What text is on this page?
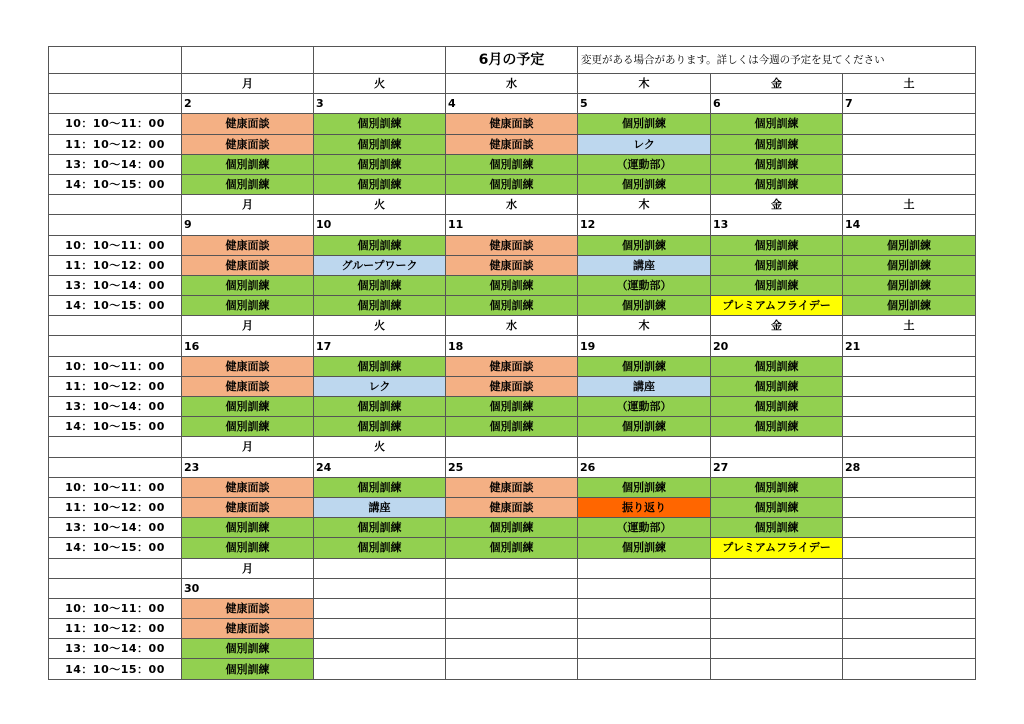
			6月の予定	変更がある場合があります。詳しくは今週の予定を見てください		
	月	火	水	木	金	土
	2	3	4	5	6	7
10：10～11：00	健康面談	個別訓練	健康面談	個別訓練	個別訓練	
11：10～12：00	健康面談	個別訓練	健康面談	レク	個別訓練	
13：10～14：00	個別訓練	個別訓練	個別訓練	（運動部）	個別訓練	
14：10～15：00	個別訓練	個別訓練	個別訓練	個別訓練	個別訓練	
	月	火	水	木	金	土
	9	10	11	12	13	14
10：10～11：00	健康面談	個別訓練	健康面談	個別訓練	個別訓練	個別訓練
11：10～12：00	健康面談	グループワーク	健康面談	講座	個別訓練	個別訓練
13：10～14：00	個別訓練	個別訓練	個別訓練	（運動部）	個別訓練	個別訓練
14：10～15：00	個別訓練	個別訓練	個別訓練	個別訓練	プレミアムフライデー	個別訓練
	月	火	水	木	金	土
	16	17	18	19	20	21
10：10～11：00	健康面談	個別訓練	健康面談	個別訓練	個別訓練	
11：10～12：00	健康面談	レク	健康面談	講座	個別訓練	
13：10～14：00	個別訓練	個別訓練	個別訓練	（運動部）	個別訓練	
14：10～15：00	個別訓練	個別訓練	個別訓練	個別訓練	個別訓練	
	月	火				
	23	24	25	26	27	28
10：10～11：00	健康面談	個別訓練	健康面談	個別訓練	個別訓練	
11：10～12：00	健康面談	講座	健康面談	振り返り	個別訓練	
13：10～14：00	個別訓練	個別訓練	個別訓練	（運動部）	個別訓練	
14：10～15：00	個別訓練	個別訓練	個別訓練	個別訓練	プレミアムフライデー	
	月					
	30					
10：10～11：00	健康面談					
11：10～12：00	健康面談					
13：10～14：00	個別訓練					
14：10～15：00	個別訓練					
